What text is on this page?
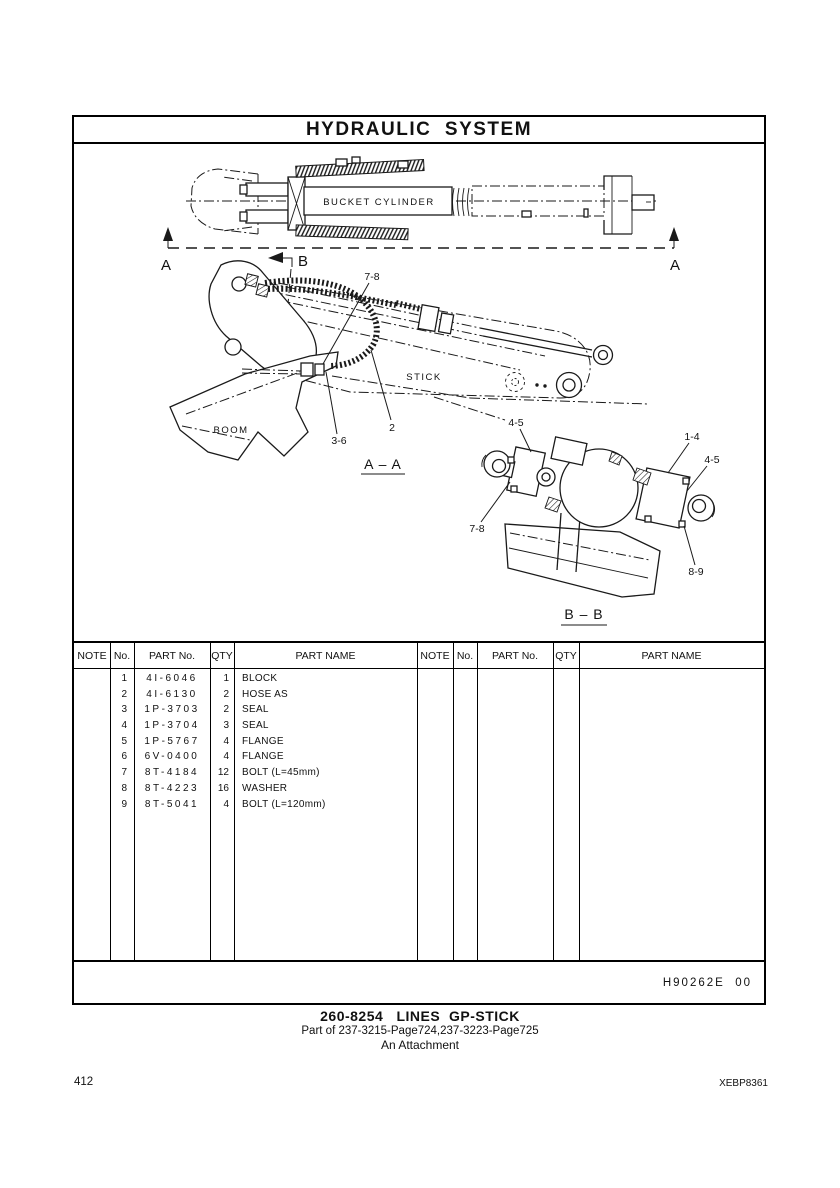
HYDRAULIC  SYSTEM
BUCKET CYLINDER
A	A
B
7-8
2
3-6
STICK
BOOM
A – A
4-5
1-4
4-5
7-8
8-9
B – B
NOTE No.	PART No.	QTY	PART NAME	NOTE No.	PART No.	QTY	PART NAME
1	4I-6046	1	BLOCK
2	4I-6130	2	HOSE AS
3	1P-3703	2	SEAL
4	1P-3704	3	SEAL
5	1P-5767	4	FLANGE
6	6V-0400	4	FLANGE
7	8T-4184	12	BOLT (L=45mm)
8	8T-4223	16	WASHER
9	8T-5041	4	BOLT (L=120mm)
H90262E  00
260-8254   LINES  GP-STICK
Part of 237-3215-Page724,237-3223-Page725
An Attachment
412	XEBP8361
